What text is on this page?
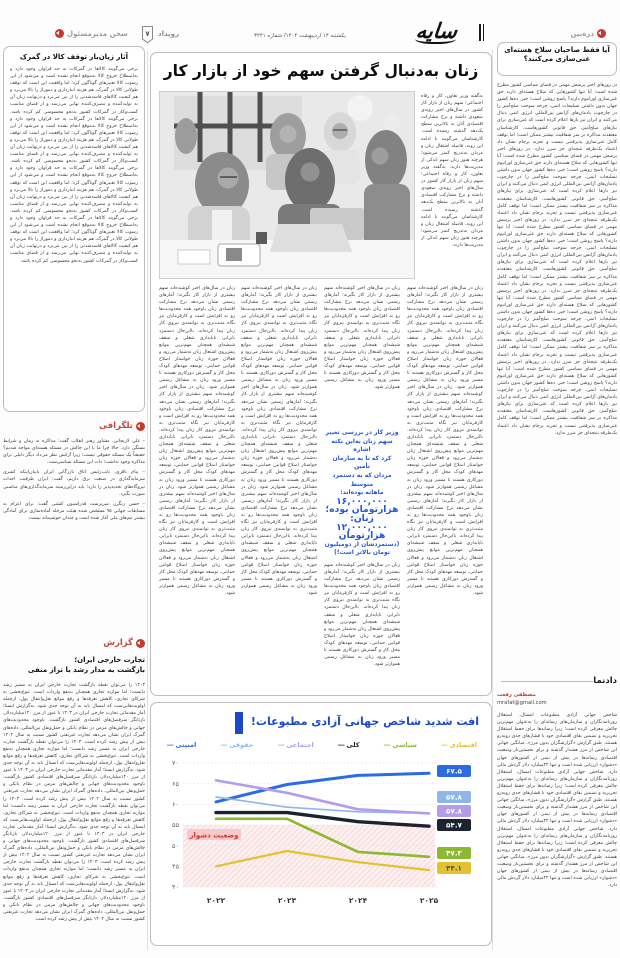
سخن مدیرمسئول	۷ رویداد	یکشنبه ۱۴ اردیبهشت ۱۴۰۴/ شماره ۳۲۴۱	سایه	ذره‌بین
آثار زیان‌بار توقف کالا در گمرک
برخی می‌گویند کالاها در گمرکات به حد فراوان وجود دارد و به‌اصطلاح خروج کالا به‌موقع انجام نشده است و می‌شود از این رسوب کالا تعبیرهای گوناگون کرد؛ اما واقعیت این است که توقف طولانی کالا در گمرک، هم هزینه انبارداری و دموراژ را بالا می‌برد و هم کیفیت کالاهای فاسدشدنی را از بین می‌برد و درنهایت زیان آن به تولیدکننده و مصرف‌کننده نهایی می‌رسد و از فضای مناسب کسب‌وکار در گمرکات کشور به‌نحو محسوسی کم کرده باشد. برخی می‌گویند کالاها در گمرکات به حد فراوان وجود دارد و به‌اصطلاح خروج کالا به‌موقع انجام نشده است و می‌شود از این رسوب کالا تعبیرهای گوناگون کرد؛ اما واقعیت این است که توقف طولانی کالا در گمرک، هم هزینه انبارداری و دموراژ را بالا می‌برد و هم کیفیت کالاهای فاسدشدنی را از بین می‌برد و درنهایت زیان آن به تولیدکننده و مصرف‌کننده نهایی می‌رسد و از فضای مناسب کسب‌وکار در گمرکات کشور به‌نحو محسوسی کم کرده باشد. برخی می‌گویند کالاها در گمرکات به حد فراوان وجود دارد و به‌اصطلاح خروج کالا به‌موقع انجام نشده است و می‌شود از این رسوب کالا تعبیرهای گوناگون کرد؛ اما واقعیت این است که توقف طولانی کالا در گمرک، هم هزینه انبارداری و دموراژ را بالا می‌برد و هم کیفیت کالاهای فاسدشدنی را از بین می‌برد و درنهایت زیان آن به تولیدکننده و مصرف‌کننده نهایی می‌رسد و از فضای مناسب کسب‌وکار در گمرکات کشور به‌نحو محسوسی کم کرده باشد. برخی می‌گویند کالاها در گمرکات به حد فراوان وجود دارد و به‌اصطلاح خروج کالا به‌موقع انجام نشده است و می‌شود از این رسوب کالا تعبیرهای گوناگون کرد؛ اما واقعیت این است که توقف طولانی کالا در گمرک، هم هزینه انبارداری و دموراژ را بالا می‌برد و هم کیفیت کالاهای فاسدشدنی را از بین می‌برد و درنهایت زیان آن به تولیدکننده و مصرف‌کننده نهایی می‌رسد و از فضای مناسب کسب‌وکار در گمرکات کشور به‌نحو محسوسی کم کرده باشد.
تلگرافی

– علی لاریجانی، مشاور رهبر انقلاب گفت: مذاکره به زمان و شرایط بستگی دارد. حالا چرا ما با این چالش در مسئله هسته‌ای مواجه شدیم؟ حقیقتاً یک مسئله حقوقی نیست؛ زیرا آژانس نظر می‌داد دیگر دلیلی برای مذاکره وجود نداشت؛ ذات این مسئله سیاسی‌ست.

– پیام باقری، نایب‌رئیس اتاق بازرگانی ایران بابیان‌اینکه کسری سرمایه‌گذاری در صنعت برق داریم، گفت: ایران ظرفیت احداث نیروگاه‌های تجدیدپذیر را دارد؛ باید دراین‌زمینه سرمایه‌گذاری‌های مناسبی صورت بگیرد.

– حسن رنگرز، سرپرست فدراسیون کشتی گفت: برای اعزام به مسابقات جهانی ۹۵ مشخص شده هیئت مرحله آماده‌سازی برای آمادگی بیشتر تیم‌های ملی آغاز شده است و چندان خوشبینانه نیست.

گزارش
تجارت خارجی ایران؛
بازگشت به مدار رشد با تراز منفی
۱۴۰۳ را می‌توان نقطه بازگشت تجارت خارجی ایران به مسیر رشد دانست؛ اما موازنه تجاری همچنان به‌نفع واردات است. تنوع‌بخشی به شرکای تجاری، کاهش تعرفه‌ها و رفع موانع نقل‌وانتقال پول، ازجمله اولویت‌هایی‌ست که امسال باید به آن توجه جدی شود. به‌گزارش ایسنا؛ آمار مقدماتی تجارت خارجی ایران در ۱۴۰۳ با عبور از مرز ۱۲۰میلیارددلار، بازتابگر سرفصل‌های اقتصادی کشور بازگشت. باوجود محدودیت‌های جهانی و چالش‌های مزمن در نظام بانکی و حمل‌ونقل بین‌المللی، داده‌های گمرک ایران نشان می‌دهد تجارت غیرنفتی کشور نسبت به سال ۱۴۰۲ بیش از پیش رشد کرده است. ۱۴۰۳ را می‌توان نقطه بازگشت تجارت خارجی ایران به مسیر رشد دانست؛ اما موازنه تجاری همچنان به‌نفع واردات است. تنوع‌بخشی به شرکای تجاری، کاهش تعرفه‌ها و رفع موانع نقل‌وانتقال پول، ازجمله اولویت‌هایی‌ست که امسال باید به آن توجه جدی شود. به‌گزارش ایسنا؛ آمار مقدماتی تجارت خارجی ایران در ۱۴۰۳ با عبور از مرز ۱۲۰میلیارددلار، بازتابگر سرفصل‌های اقتصادی کشور بازگشت. باوجود محدودیت‌های جهانی و چالش‌های مزمن در نظام بانکی و حمل‌ونقل بین‌المللی، داده‌های گمرک ایران نشان می‌دهد تجارت غیرنفتی کشور نسبت به سال ۱۴۰۲ بیش از پیش رشد کرده است. ۱۴۰۳ را می‌توان نقطه بازگشت تجارت خارجی ایران به مسیر رشد دانست؛ اما موازنه تجاری همچنان به‌نفع واردات است. تنوع‌بخشی به شرکای تجاری، کاهش تعرفه‌ها و رفع موانع نقل‌وانتقال پول، ازجمله اولویت‌هایی‌ست که امسال باید به آن توجه جدی شود. به‌گزارش ایسنا؛ آمار مقدماتی تجارت خارجی ایران در ۱۴۰۳ با عبور از مرز ۱۲۰میلیارددلار، بازتابگر سرفصل‌های اقتصادی کشور بازگشت. باوجود محدودیت‌های جهانی و چالش‌های مزمن در نظام بانکی و حمل‌ونقل بین‌المللی، داده‌های گمرک ایران نشان می‌دهد تجارت غیرنفتی کشور نسبت به سال ۱۴۰۲ بیش از پیش رشد کرده است. ۱۴۰۳ را می‌توان نقطه بازگشت تجارت خارجی ایران به مسیر رشد دانست؛ اما موازنه تجاری همچنان به‌نفع واردات است. تنوع‌بخشی به شرکای تجاری، کاهش تعرفه‌ها و رفع موانع نقل‌وانتقال پول، ازجمله اولویت‌هایی‌ست که امسال باید به آن توجه جدی شود. به‌گزارش ایسنا؛ آمار مقدماتی تجارت خارجی ایران در ۱۴۰۳ با عبور از مرز ۱۲۰میلیارددلار، بازتابگر سرفصل‌های اقتصادی کشور بازگشت. باوجود محدودیت‌های جهانی و چالش‌های مزمن در نظام بانکی و حمل‌ونقل بین‌المللی، داده‌های گمرک ایران نشان می‌دهد تجارت غیرنفتی کشور نسبت به سال ۱۴۰۲ بیش از پیش رشد کرده است.
زنان به‌دنبال گرفتن سهم خود از بازار کار
به‌گفته وزیر تعاون، کار و رفاه اجتماعی؛ سهم زنان از بازار کار کشور در سال‌های اخیر روندی صعودی داشته و نرخ مشارکت اقتصادی آنان به بالاترین سطح یک‌دهه گذشته رسیده است. کارشناسان می‌گویند با ادامه این روند، فاصله اشتغال زنان و مردان به‌تدریج کمتر می‌شود؛ هرچند هنوز زنان سهم اندکی از مدیریت‌ها دارند. به‌گفته وزیر تعاون، کار و رفاه اجتماعی؛ سهم زنان از بازار کار کشور در سال‌های اخیر روندی صعودی داشته و نرخ مشارکت اقتصادی آنان به بالاترین سطح یک‌دهه گذشته رسیده است. کارشناسان می‌گویند با ادامه این روند، فاصله اشتغال زنان و مردان به‌تدریج کمتر می‌شود؛ هرچند هنوز زنان سهم اندکی از مدیریت‌ها دارند.
زنان در سال‌های اخیر کوشیده‌اند سهم بیشتری از بازار کار بگیرند؛ آمارهای رسمی نشان می‌دهد نرخ مشارکت اقتصادی زنان باوجود همه محدودیت‌ها رو به افزایش است و کارفرمایان نیز نگاه مثبت‌تری به توانمندی نیروی کار زنان پیدا کرده‌اند. بااین‌حال دستمزد نابرابر، ناپایداری شغلی و سقف شیشه‌ای همچنان مهم‌ترین موانع پیش‌روی اشتغال زنان به‌شمار می‌رود و فعالان حوزه زنان خواستار اصلاح قوانین حمایتی، توسعه مهدهای کودک محل کار و گسترش دورکاری هستند تا مسیر ورود زنان به مشاغل رسمی هموارتر شود. زنان در سال‌های اخیر کوشیده‌اند سهم بیشتری از بازار کار بگیرند؛ آمارهای رسمی نشان می‌دهد نرخ مشارکت اقتصادی زنان باوجود همه محدودیت‌ها رو به افزایش است و کارفرمایان نیز نگاه مثبت‌تری به توانمندی نیروی کار زنان پیدا کرده‌اند. بااین‌حال دستمزد نابرابر، ناپایداری شغلی و سقف شیشه‌ای همچنان مهم‌ترین موانع پیش‌روی اشتغال زنان به‌شمار می‌رود و فعالان حوزه زنان خواستار اصلاح قوانین حمایتی، توسعه مهدهای کودک محل کار و گسترش دورکاری هستند تا مسیر ورود زنان به مشاغل رسمی هموارتر شود. زنان در سال‌های اخیر کوشیده‌اند سهم بیشتری از بازار کار بگیرند؛ آمارهای رسمی نشان می‌دهد نرخ مشارکت اقتصادی زنان باوجود همه محدودیت‌ها رو به افزایش است و کارفرمایان نیز نگاه مثبت‌تری به توانمندی نیروی کار زنان پیدا کرده‌اند. بااین‌حال دستمزد نابرابر، ناپایداری شغلی و سقف شیشه‌ای همچنان مهم‌ترین موانع پیش‌روی اشتغال زنان به‌شمار می‌رود و فعالان حوزه زنان خواستار اصلاح قوانین حمایتی، توسعه مهدهای کودک محل کار و گسترش دورکاری هستند تا مسیر ورود زنان به مشاغل رسمی هموارتر شود.
زنان در سال‌های اخیر کوشیده‌اند سهم بیشتری از بازار کار بگیرند؛ آمارهای رسمی نشان می‌دهد نرخ مشارکت اقتصادی زنان باوجود همه محدودیت‌ها رو به افزایش است و کارفرمایان نیز نگاه مثبت‌تری به توانمندی نیروی کار زنان پیدا کرده‌اند. بااین‌حال دستمزد نابرابر، ناپایداری شغلی و سقف شیشه‌ای همچنان مهم‌ترین موانع پیش‌روی اشتغال زنان به‌شمار می‌رود و فعالان حوزه زنان خواستار اصلاح قوانین حمایتی، توسعه مهدهای کودک محل کار و گسترش دورکاری هستند تا مسیر ورود زنان به مشاغل رسمی هموارتر شود.
وزیر کار در بررسی تغییر
سهم زنان به‌این نکته اشاره
کرد که تا به سازمان تأمین
مردان که به دستمزد متوسط
ماهانه بوده‌اند:
۱۶,۰۰۰,۰۰۰ هزارتومان بوده؛
زنان: ۱۲,۰۰۰,۰۰۰ هزارتومان
(دستمزدشان از دومیلیون
تومان بالاتر است!)
زنان در سال‌های اخیر کوشیده‌اند سهم بیشتری از بازار کار بگیرند؛ آمارهای رسمی نشان می‌دهد نرخ مشارکت اقتصادی زنان باوجود همه محدودیت‌ها رو به افزایش است و کارفرمایان نیز نگاه مثبت‌تری به توانمندی نیروی کار زنان پیدا کرده‌اند. بااین‌حال دستمزد نابرابر، ناپایداری شغلی و سقف شیشه‌ای همچنان مهم‌ترین موانع پیش‌روی اشتغال زنان به‌شمار می‌رود و فعالان حوزه زنان خواستار اصلاح قوانین حمایتی، توسعه مهدهای کودک محل کار و گسترش دورکاری هستند تا مسیر ورود زنان به مشاغل رسمی هموارتر شود.
زنان در سال‌های اخیر کوشیده‌اند سهم بیشتری از بازار کار بگیرند؛ آمارهای رسمی نشان می‌دهد نرخ مشارکت اقتصادی زنان باوجود همه محدودیت‌ها رو به افزایش است و کارفرمایان نیز نگاه مثبت‌تری به توانمندی نیروی کار زنان پیدا کرده‌اند. بااین‌حال دستمزد نابرابر، ناپایداری شغلی و سقف شیشه‌ای همچنان مهم‌ترین موانع پیش‌روی اشتغال زنان به‌شمار می‌رود و فعالان حوزه زنان خواستار اصلاح قوانین حمایتی، توسعه مهدهای کودک محل کار و گسترش دورکاری هستند تا مسیر ورود زنان به مشاغل رسمی هموارتر شود. زنان در سال‌های اخیر کوشیده‌اند سهم بیشتری از بازار کار بگیرند؛ آمارهای رسمی نشان می‌دهد نرخ مشارکت اقتصادی زنان باوجود همه محدودیت‌ها رو به افزایش است و کارفرمایان نیز نگاه مثبت‌تری به توانمندی نیروی کار زنان پیدا کرده‌اند. بااین‌حال دستمزد نابرابر، ناپایداری شغلی و سقف شیشه‌ای همچنان مهم‌ترین موانع پیش‌روی اشتغال زنان به‌شمار می‌رود و فعالان حوزه زنان خواستار اصلاح قوانین حمایتی، توسعه مهدهای کودک محل کار و گسترش دورکاری هستند تا مسیر ورود زنان به مشاغل رسمی هموارتر شود. زنان در سال‌های اخیر کوشیده‌اند سهم بیشتری از بازار کار بگیرند؛ آمارهای رسمی نشان می‌دهد نرخ مشارکت اقتصادی زنان باوجود همه محدودیت‌ها رو به افزایش است و کارفرمایان نیز نگاه مثبت‌تری به توانمندی نیروی کار زنان پیدا کرده‌اند. بااین‌حال دستمزد نابرابر، ناپایداری شغلی و سقف شیشه‌ای همچنان مهم‌ترین موانع پیش‌روی اشتغال زنان به‌شمار می‌رود و فعالان حوزه زنان خواستار اصلاح قوانین حمایتی، توسعه مهدهای کودک محل کار و گسترش دورکاری هستند تا مسیر ورود زنان به مشاغل رسمی هموارتر شود.
زنان در سال‌های اخیر کوشیده‌اند سهم بیشتری از بازار کار بگیرند؛ آمارهای رسمی نشان می‌دهد نرخ مشارکت اقتصادی زنان باوجود همه محدودیت‌ها رو به افزایش است و کارفرمایان نیز نگاه مثبت‌تری به توانمندی نیروی کار زنان پیدا کرده‌اند. بااین‌حال دستمزد نابرابر، ناپایداری شغلی و سقف شیشه‌ای همچنان مهم‌ترین موانع پیش‌روی اشتغال زنان به‌شمار می‌رود و فعالان حوزه زنان خواستار اصلاح قوانین حمایتی، توسعه مهدهای کودک محل کار و گسترش دورکاری هستند تا مسیر ورود زنان به مشاغل رسمی هموارتر شود. زنان در سال‌های اخیر کوشیده‌اند سهم بیشتری از بازار کار بگیرند؛ آمارهای رسمی نشان می‌دهد نرخ مشارکت اقتصادی زنان باوجود همه محدودیت‌ها رو به افزایش است و کارفرمایان نیز نگاه مثبت‌تری به توانمندی نیروی کار زنان پیدا کرده‌اند. بااین‌حال دستمزد نابرابر، ناپایداری شغلی و سقف شیشه‌ای همچنان مهم‌ترین موانع پیش‌روی اشتغال زنان به‌شمار می‌رود و فعالان حوزه زنان خواستار اصلاح قوانین حمایتی، توسعه مهدهای کودک محل کار و گسترش دورکاری هستند تا مسیر ورود زنان به مشاغل رسمی هموارتر شود. زنان در سال‌های اخیر کوشیده‌اند سهم بیشتری از بازار کار بگیرند؛ آمارهای رسمی نشان می‌دهد نرخ مشارکت اقتصادی زنان باوجود همه محدودیت‌ها رو به افزایش است و کارفرمایان نیز نگاه مثبت‌تری به توانمندی نیروی کار زنان پیدا کرده‌اند. بااین‌حال دستمزد نابرابر، ناپایداری شغلی و سقف شیشه‌ای همچنان مهم‌ترین موانع پیش‌روی اشتغال زنان به‌شمار می‌رود و فعالان حوزه زنان خواستار اصلاح قوانین حمایتی، توسعه مهدهای کودک محل کار و گسترش دورکاری هستند تا مسیر ورود زنان به مشاغل رسمی هموارتر شود.
افت شدید شاخص جهانی آزادی مطبوعات!
اقتصادی
―
سیاسی
―
کلی
―
اجتماعی
―
حقوقی
―
امنیتی
―
۷۰
۶۵
۶۰
۵۵
۵۰
۴۵
۴۰
وضعیت دشوار
۶۷.۵
۵۷.۸
۵۷.۸
۵۴.۷
۴۷.۳
۴۴.۱
۲۰۲۲	۲۰۲۳	۲۰۲۴	۲۰۲۵
آیا فقط صاحبان سلاح هسته‌ای
غنی‌سازی می‌کنند؟
در روزهای اخیر پرسش مهمی در فضای سیاسی کشور مطرح شده است: آیا تنها کشورهایی که سلاح هسته‌ای دارند حق غنی‌سازی اورانیوم دارند؟ پاسخ روشن است؛ خیر. ده‌ها کشور جهان بدون داشتن تسلیحات اتمی، چرخه سوخت صلح‌آمیز را در چارچوب پادمان‌های آژانس بین‌المللی انرژی اتمی دنبال می‌کنند و ایران نیز بارها اعلام کرده است که غنی‌سازی برای نیازهای صلح‌آمیز، حق قانونی کشورهاست. کارشناسان معتقدند مذاکره بر سر شفافیت بیشتر ممکن است؛ اما توقف کامل غنی‌سازی پذیرفتنی نیست و تجربه برجام نشان داد اعتماد یک‌طرفه نتیجه‌ای جز ضرر ندارد. در روزهای اخیر پرسش مهمی در فضای سیاسی کشور مطرح شده است: آیا تنها کشورهایی که سلاح هسته‌ای دارند حق غنی‌سازی اورانیوم دارند؟ پاسخ روشن است؛ خیر. ده‌ها کشور جهان بدون داشتن تسلیحات اتمی، چرخه سوخت صلح‌آمیز را در چارچوب پادمان‌های آژانس بین‌المللی انرژی اتمی دنبال می‌کنند و ایران نیز بارها اعلام کرده است که غنی‌سازی برای نیازهای صلح‌آمیز، حق قانونی کشورهاست. کارشناسان معتقدند مذاکره بر سر شفافیت بیشتر ممکن است؛ اما توقف کامل غنی‌سازی پذیرفتنی نیست و تجربه برجام نشان داد اعتماد یک‌طرفه نتیجه‌ای جز ضرر ندارد. در روزهای اخیر پرسش مهمی در فضای سیاسی کشور مطرح شده است: آیا تنها کشورهایی که سلاح هسته‌ای دارند حق غنی‌سازی اورانیوم دارند؟ پاسخ روشن است؛ خیر. ده‌ها کشور جهان بدون داشتن تسلیحات اتمی، چرخه سوخت صلح‌آمیز را در چارچوب پادمان‌های آژانس بین‌المللی انرژی اتمی دنبال می‌کنند و ایران نیز بارها اعلام کرده است که غنی‌سازی برای نیازهای صلح‌آمیز، حق قانونی کشورهاست. کارشناسان معتقدند مذاکره بر سر شفافیت بیشتر ممکن است؛ اما توقف کامل غنی‌سازی پذیرفتنی نیست و تجربه برجام نشان داد اعتماد یک‌طرفه نتیجه‌ای جز ضرر ندارد. در روزهای اخیر پرسش مهمی در فضای سیاسی کشور مطرح شده است: آیا تنها کشورهایی که سلاح هسته‌ای دارند حق غنی‌سازی اورانیوم دارند؟ پاسخ روشن است؛ خیر. ده‌ها کشور جهان بدون داشتن تسلیحات اتمی، چرخه سوخت صلح‌آمیز را در چارچوب پادمان‌های آژانس بین‌المللی انرژی اتمی دنبال می‌کنند و ایران نیز بارها اعلام کرده است که غنی‌سازی برای نیازهای صلح‌آمیز، حق قانونی کشورهاست. کارشناسان معتقدند مذاکره بر سر شفافیت بیشتر ممکن است؛ اما توقف کامل غنی‌سازی پذیرفتنی نیست و تجربه برجام نشان داد اعتماد یک‌طرفه نتیجه‌ای جز ضرر ندارد. در روزهای اخیر پرسش مهمی در فضای سیاسی کشور مطرح شده است: آیا تنها کشورهایی که سلاح هسته‌ای دارند حق غنی‌سازی اورانیوم دارند؟ پاسخ روشن است؛ خیر. ده‌ها کشور جهان بدون داشتن تسلیحات اتمی، چرخه سوخت صلح‌آمیز را در چارچوب پادمان‌های آژانس بین‌المللی انرژی اتمی دنبال می‌کنند و ایران نیز بارها اعلام کرده است که غنی‌سازی برای نیازهای صلح‌آمیز، حق قانونی کشورهاست. کارشناسان معتقدند مذاکره بر سر شفافیت بیشتر ممکن است؛ اما توقف کامل غنی‌سازی پذیرفتنی نیست و تجربه برجام نشان داد اعتماد یک‌طرفه نتیجه‌ای جز ضرر ندارد.
دادنما
مصطفی رفعت
mrafat@gmail.com
شاخص جهانی آزادی مطبوعات امسال، استقلال روزنامه‌نگاران و سازمان‌های رسانه‌ای را به‌عنوان مهم‌ترین چالش معرفی کرده است؛ زیرا رسانه‌ها برای حفظ استقلال تحریریه و تضمین بقای اقتصادی خود با فشارهای جدی روبه‌رو هستند. طبق گزارش «گزارشگران بدون مرز»، میانگین جهانی این شاخص از مرز هشدار گذشته و برای نخستین‌بار وضعیت اقتصادی رسانه‌ها در بیش از نیمی از کشورهای جهان «دشوار» ارزیابی شده است و تنها ۴۲میلیارد دلار گردش مالی دارد. شاخص جهانی آزادی مطبوعات امسال، استقلال روزنامه‌نگاران و سازمان‌های رسانه‌ای را به‌عنوان مهم‌ترین چالش معرفی کرده است؛ زیرا رسانه‌ها برای حفظ استقلال تحریریه و تضمین بقای اقتصادی خود با فشارهای جدی روبه‌رو هستند. طبق گزارش «گزارشگران بدون مرز»، میانگین جهانی این شاخص از مرز هشدار گذشته و برای نخستین‌بار وضعیت اقتصادی رسانه‌ها در بیش از نیمی از کشورهای جهان «دشوار» ارزیابی شده است و تنها ۴۲میلیارد دلار گردش مالی دارد. شاخص جهانی آزادی مطبوعات امسال، استقلال روزنامه‌نگاران و سازمان‌های رسانه‌ای را به‌عنوان مهم‌ترین چالش معرفی کرده است؛ زیرا رسانه‌ها برای حفظ استقلال تحریریه و تضمین بقای اقتصادی خود با فشارهای جدی روبه‌رو هستند. طبق گزارش «گزارشگران بدون مرز»، میانگین جهانی این شاخص از مرز هشدار گذشته و برای نخستین‌بار وضعیت اقتصادی رسانه‌ها در بیش از نیمی از کشورهای جهان «دشوار» ارزیابی شده است و تنها ۴۲میلیارد دلار گردش مالی دارد.
